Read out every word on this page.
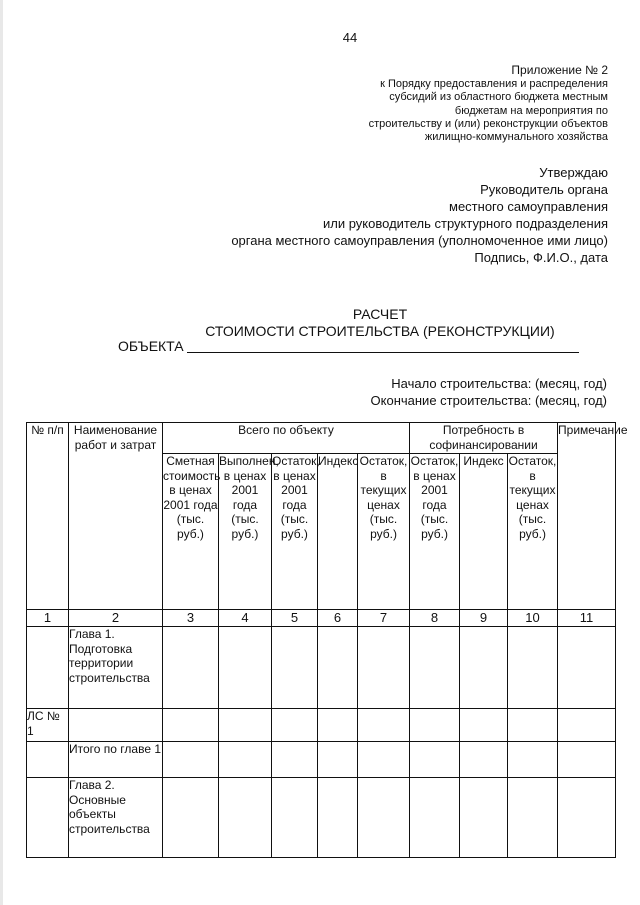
44
Приложение № 2
к Порядку предоставления и распределения
субсидий из областного бюджета местным
бюджетам на мероприятия по
строительству и (или) реконструкции объектов
жилищно-коммунального хозяйства
Утверждаю
Руководитель органа
местного самоуправления
или руководитель структурного подразделения
органа местного самоуправления (уполномоченное ими лицо)
Подпись, Ф.И.О., дата
РАСЧЕТ
СТОИМОСТИ СТРОИТЕЛЬСТВА (РЕКОНСТРУКЦИИ)
ОБЪЕКТА
Начало строительства: (месяц, год)
Окончание строительства: (месяц, год)
№ п/п	Наименование работ и затрат	Всего по объекту					Потребность в софинансировании			Примечание
		Сметная стоимость в ценах 2001 года (тыс. руб.)	Выполнен, в ценах 2001 года (тыс. руб.)	Остаток, в ценах 2001 года (тыс. руб.)	Индекс	Остаток, в текущих ценах (тыс. руб.)	Остаток, в ценах 2001 года (тыс. руб.)	Индекс	Остаток, в текущих ценах (тыс. руб.)	
1	2	3	4	5	6	7	8	9	10	11
	Глава 1. Подготовка территории строительства									
ЛС № 1										
	Итого по главе 1									
	Глава 2. Основные объекты строительства									
